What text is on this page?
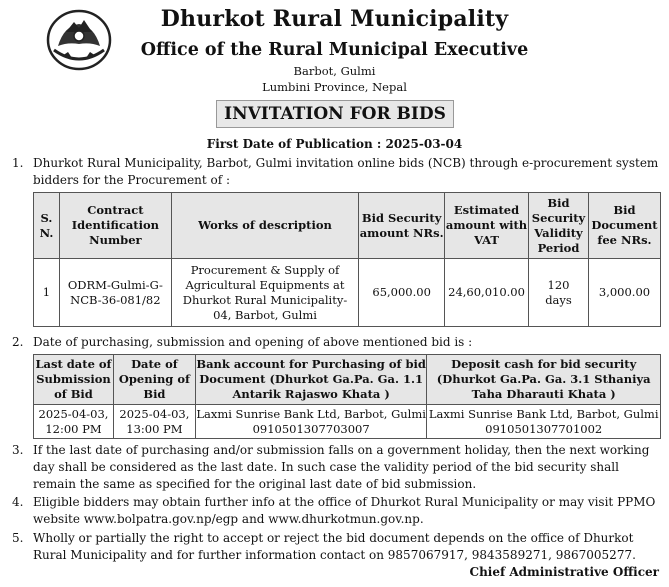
Dhurkot Rural Municipality
Office of the Rural Municipal Executive
Barbot, Gulmi
Lumbini Province, Nepal
INVITATION FOR BIDS
First Date of Publication : 2025-03-04
1. Dhurkot Rural Municipality, Barbot, Gulmi invitation online bids (NCB) through e-procurement system bidders for the Procurement of :
S. N.	Contract Identification Number	Works of description	Bid Security amount NRs.	Estimated amount with VAT	Bid Security Validity Period	Bid Document fee NRs.
1	ODRM-Gulmi-G-NCB-36-081/82	Procurement & Supply of Agricultural Equipments at Dhurkot Rural Municipality-04, Barbot, Gulmi	65,000.00	24,60,010.00	120 days	3,000.00
2. Date of purchasing, submission and opening of above mentioned bid is :
Last date of Submission of Bid	Date of Opening of Bid	Bank account for Purchasing of bid Document (Dhurkot Ga.Pa. Ga. 1.1 Antarik Rajaswo Khata )	Deposit cash for bid security (Dhurkot Ga.Pa. Ga. 3.1 Sthaniya Taha Dharauti Khata )
2025-04-03, 12:00 PM	2025-04-03, 13:00 PM	Laxmi Sunrise Bank Ltd, Barbot, Gulmi 0910501307703007	Laxmi Sunrise Bank Ltd, Barbot, Gulmi 0910501307701002
3. If the last date of purchasing and/or submission falls on a government holiday, then the next working day shall be considered as the last date. In such case the validity period of the bid security shall remain the same as specified for the original last date of bid submission.
4. Eligible bidders may obtain further info at the office of Dhurkot Rural Municipality or may visit PPMO website www.bolpatra.gov.np/egp and www.dhurkotmun.gov.np.
5. Wholly or partially the right to accept or reject the bid document depends on the office of Dhurkot Rural Municipality and for further information contact on 9857067917, 9843589271, 9867005277.
Chief Administrative Officer
